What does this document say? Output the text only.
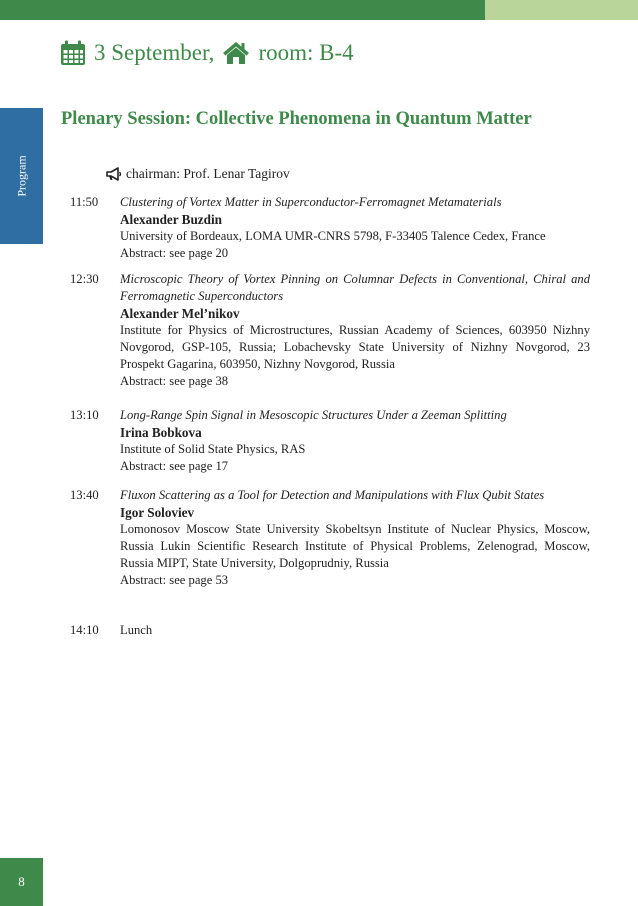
Program
8
3 September, room: B-4
Plenary Session: Collective Phenomena in Quantum Matter
chairman: Prof. Lenar Tagirov
11:50	Clustering of Vortex Matter in Superconductor-Ferromagnet Metamaterials
Alexander Buzdin
University of Bordeaux, LOMA UMR-CNRS 5798, F-33405 Talence Cedex, France
Abstract: see page 20
12:30	Microscopic Theory of Vortex Pinning on Columnar Defects in Conventional, Chiral and Ferromagnetic Superconductors
Alexander Mel’nikov
Institute for Physics of Microstructures, Russian Academy of Sciences, 603950 Nizhny Novgorod, GSP-105, Russia; Lobachevsky State University of Nizhny Novgorod, 23 Prospekt Gagarina, 603950, Nizhny Novgorod, Russia
Abstract: see page 38
13:10	Long-Range Spin Signal in Mesoscopic Structures Under a Zeeman Splitting
Irina Bobkova
Institute of Solid State Physics, RAS
Abstract: see page 17
13:40	Fluxon Scattering as a Tool for Detection and Manipulations with Flux Qubit States
Igor Soloviev
Lomonosov Moscow State University Skobeltsyn Institute of Nuclear Physics, Moscow, Russia Lukin Scientific Research Institute of Physical Problems, Zelenograd, Moscow, Russia MIPT, State University, Dolgoprudniy, Russia
Abstract: see page 53
14:10	Lunch
